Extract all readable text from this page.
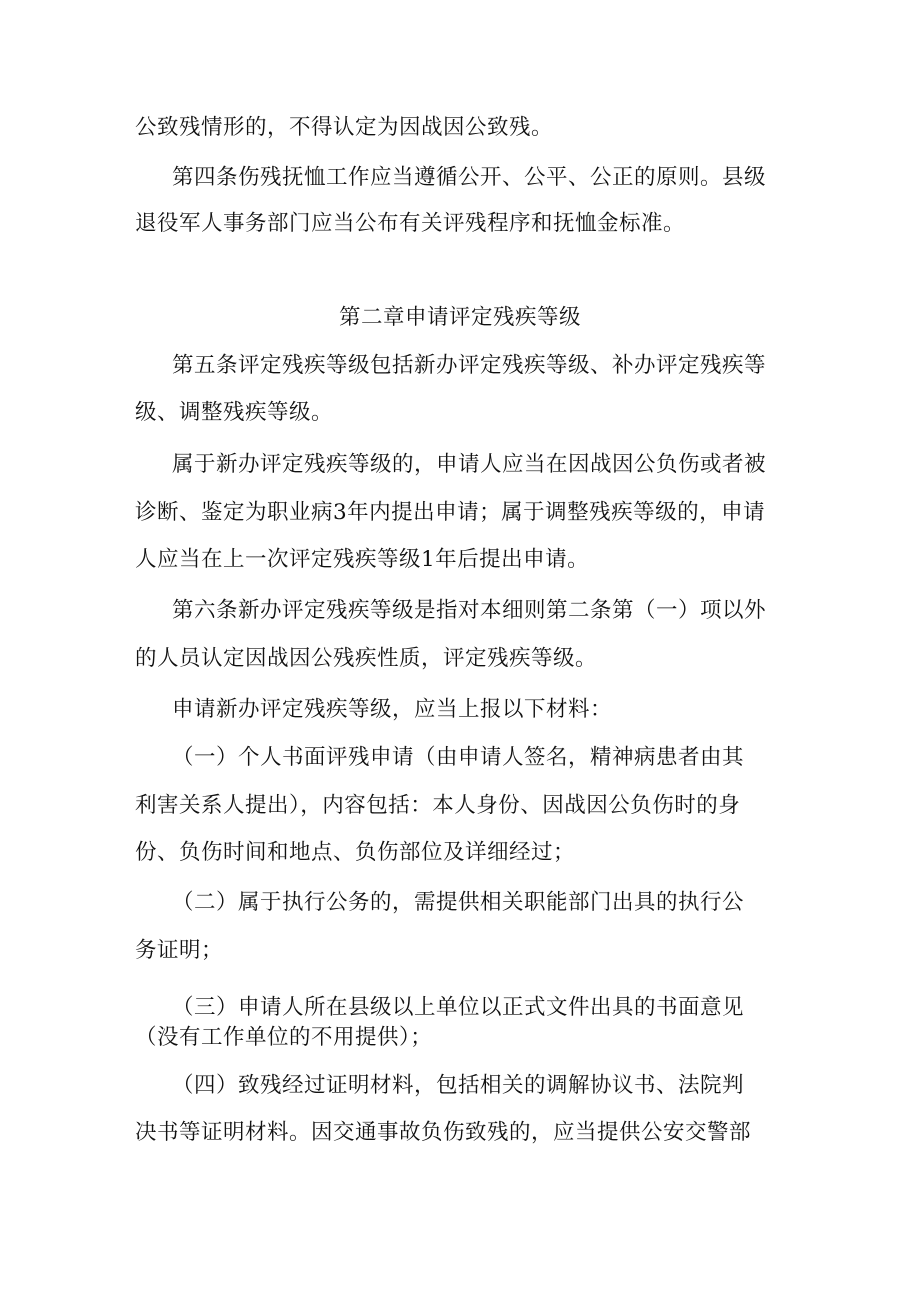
公致残情形的，不得认定为因战因公致残。
第四条伤残抚恤工作应当遵循公开、公平、公正的原则。县级
退役军人事务部门应当公布有关评残程序和抚恤金标准。
第二章申请评定残疾等级
第五条评定残疾等级包括新办评定残疾等级、补办评定残疾等
级、调整残疾等级。
属于新办评定残疾等级的，申请人应当在因战因公负伤或者被
诊断、鉴定为职业病3年内提出申请；属于调整残疾等级的，申请
人应当在上一次评定残疾等级1年后提出申请。
第六条新办评定残疾等级是指对本细则第二条第（一）项以外
的人员认定因战因公残疾性质，评定残疾等级。
申请新办评定残疾等级，应当上报以下材料：
（一）个人书面评残申请（由申请人签名，精神病患者由其
利害关系人提出），内容包括：本人身份、因战因公负伤时的身
份、负伤时间和地点、负伤部位及详细经过；
（二）属于执行公务的，需提供相关职能部门出具的执行公
务证明；
（三）申请人所在县级以上单位以正式文件出具的书面意见
（没有工作单位的不用提供）；
（四）致残经过证明材料，包括相关的调解协议书、法院判
决书等证明材料。因交通事故负伤致残的，应当提供公安交警部
